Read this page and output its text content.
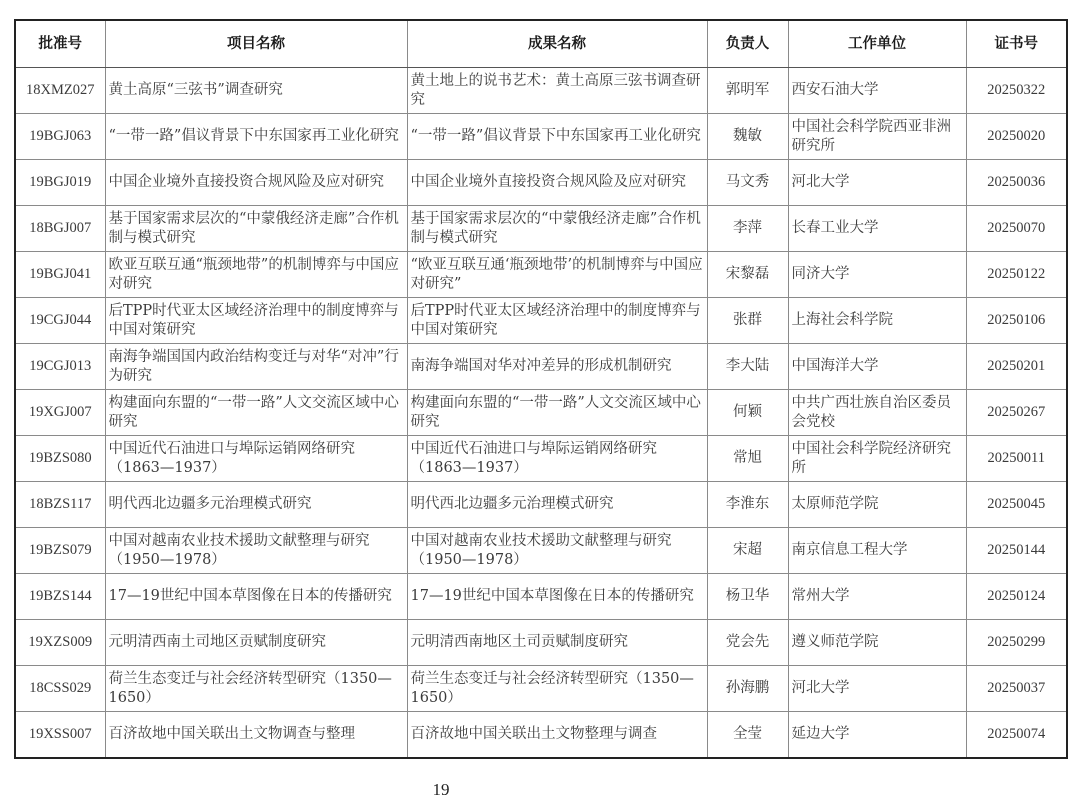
批准号	项目名称	成果名称	负责人	工作单位	证书号
18XMZ027	黄土高原“三弦书”调查研究	黄土地上的说书艺术：黄土高原三弦书调查研究	郭明军	西安石油大学	20250322
19BGJ063	“一带一路”倡议背景下中东国家再工业化研究	“一带一路”倡议背景下中东国家再工业化研究	魏敏	中国社会科学院西亚非洲研究所	20250020
19BGJ019	中国企业境外直接投资合规风险及应对研究	中国企业境外直接投资合规风险及应对研究	马文秀	河北大学	20250036
18BGJ007	基于国家需求层次的“中蒙俄经济走廊”合作机制与模式研究	基于国家需求层次的“中蒙俄经济走廊”合作机制与模式研究	李萍	长春工业大学	20250070
19BGJ041	欧亚互联互通“瓶颈地带”的机制博弈与中国应对研究	“欧亚互联互通‘瓶颈地带’的机制博弈与中国应对研究”	宋黎磊	同济大学	20250122
19CGJ044	后TPP时代亚太区域经济治理中的制度博弈与中国对策研究	后TPP时代亚太区域经济治理中的制度博弈与中国对策研究	张群	上海社会科学院	20250106
19CGJ013	南海争端国国内政治结构变迁与对华“对冲”行为研究	南海争端国对华对冲差异的形成机制研究	李大陆	中国海洋大学	20250201
19XGJ007	构建面向东盟的“一带一路”人文交流区域中心研究	构建面向东盟的“一带一路”人文交流区域中心研究	何颖	中共广西壮族自治区委员会党校	20250267
19BZS080	中国近代石油进口与埠际运销网络研究（1863—1937）	中国近代石油进口与埠际运销网络研究（1863—1937）	常旭	中国社会科学院经济研究所	20250011
18BZS117	明代西北边疆多元治理模式研究	明代西北边疆多元治理模式研究	李淮东	太原师范学院	20250045
19BZS079	中国对越南农业技术援助文献整理与研究（1950—1978）	中国对越南农业技术援助文献整理与研究（1950—1978）	宋超	南京信息工程大学	20250144
19BZS144	17—19世纪中国本草图像在日本的传播研究	17—19世纪中国本草图像在日本的传播研究	杨卫华	常州大学	20250124
19XZS009	元明清西南土司地区贡赋制度研究	元明清西南地区土司贡赋制度研究	党会先	遵义师范学院	20250299
18CSS029	荷兰生态变迁与社会经济转型研究（1350—1650）	荷兰生态变迁与社会经济转型研究（1350—1650）	孙海鹏	河北大学	20250037
19XSS007	百济故地中国关联出土文物调查与整理	百济故地中国关联出土文物整理与调查	全莹	延边大学	20250074
19
